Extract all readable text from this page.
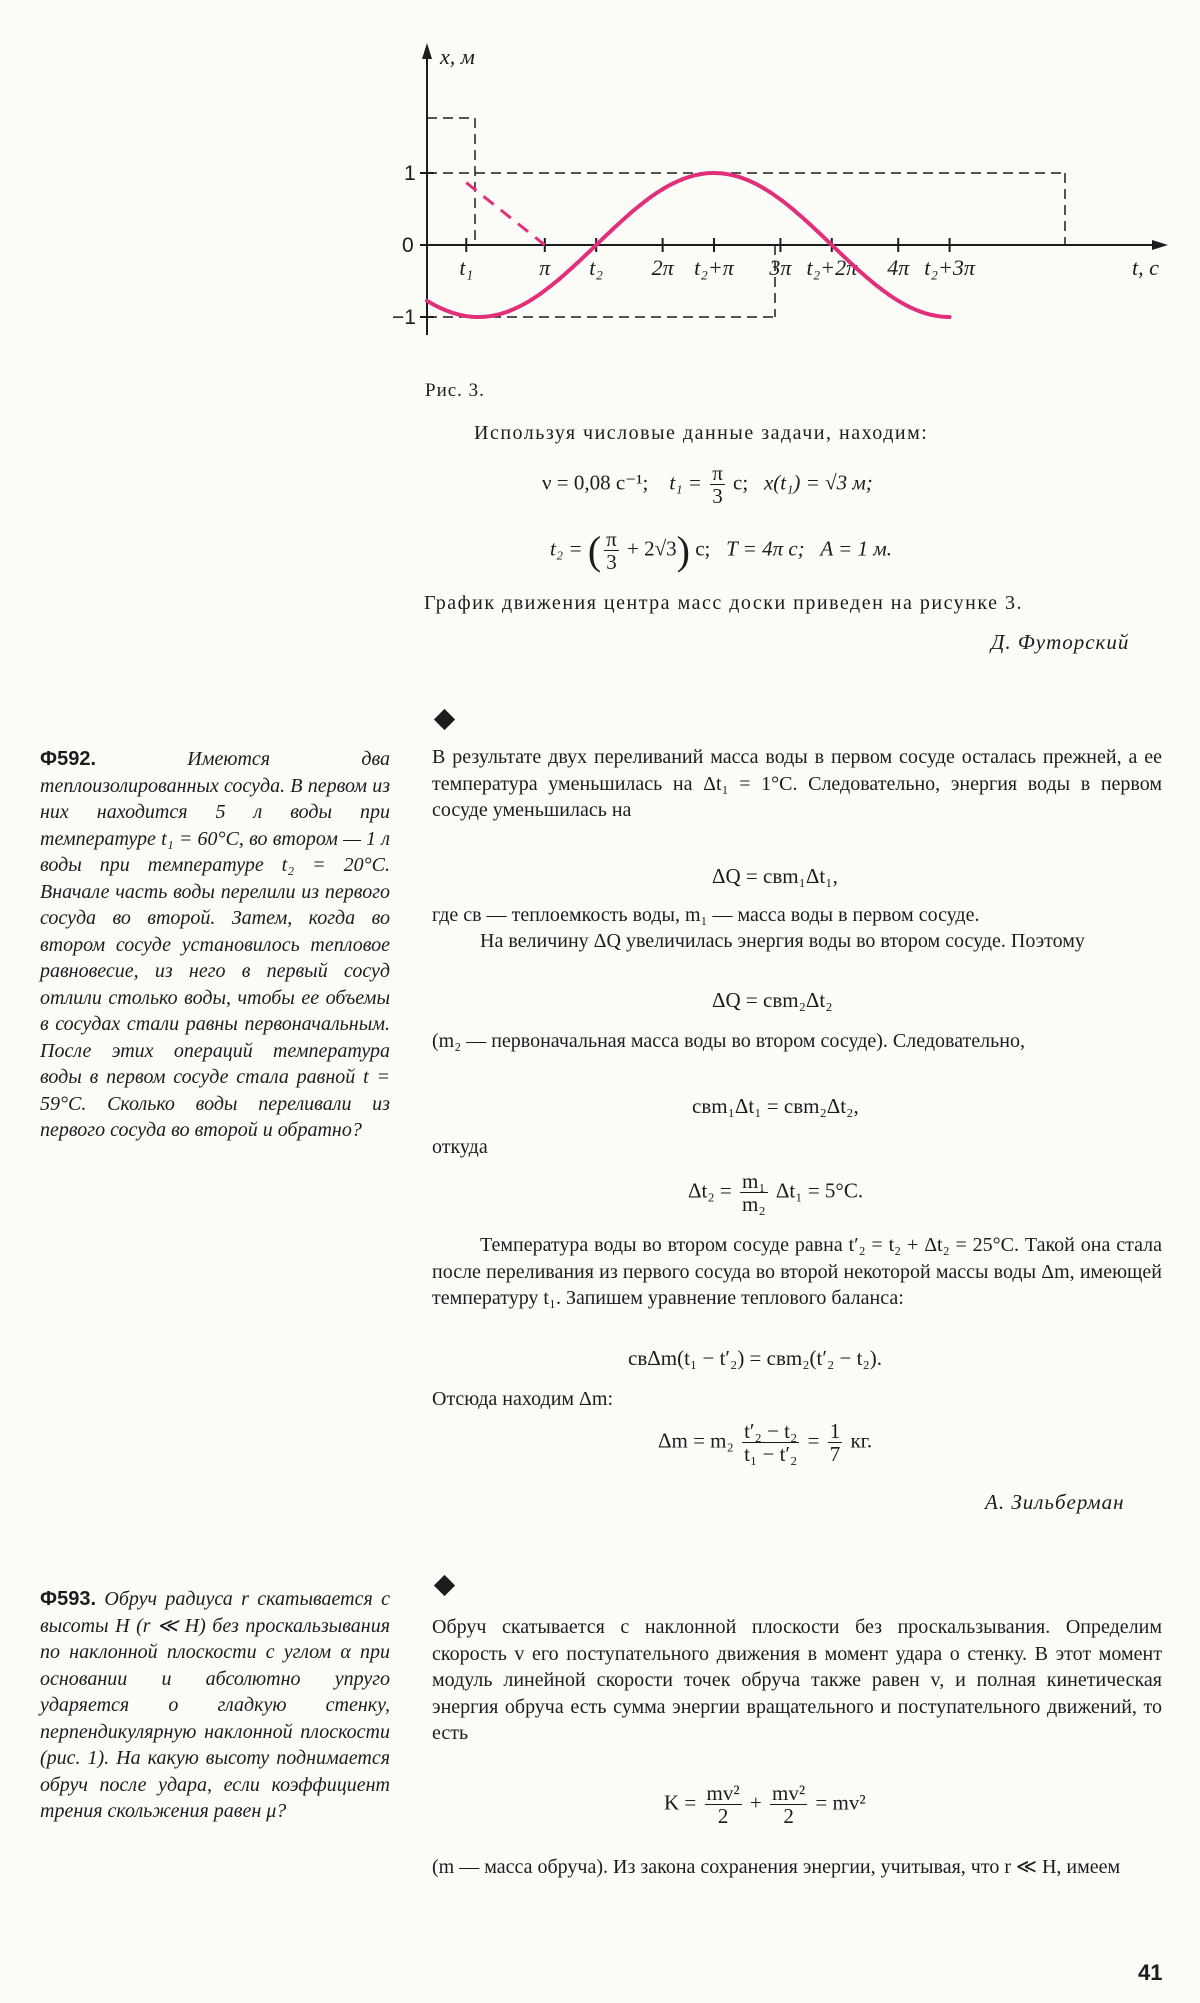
x, м
1
0
−1
t₁	π t₂ 2π t₂+π 3π t₂+2π 4π t₂+3π	t, с
Рис. 3.
Используя числовые данные задачи, находим:
ν = 0,08 с⁻¹; $t_1 = \frac{\pi}{3} с$; x(t₁) = √3 м;
t₂ = ( $\frac{\pi}{3} + 2√3$) с; T = 4π с; A = 1 м.
График движения центра масс доски приведен на рисунке 3.
Д. Футорский
Ф592.	Имеются два теплоизолированных сосуда. В первом из них находится 5 л воды при температуре t₁ = 60°С, во втором — 1 л воды при температуре t₂ = 20°С. Вначале часть воды перелили из первого сосуда во второй. Затем, когда во втором сосуде установилось тепловое равновесие, из него в первый сосуд отлили столько воды, чтобы ее объемы в сосудах стали равны первоначальным. После этих операций температура воды в первом сосуде стала равной t = 59°С. Сколько воды переливали из первого сосуда во второй и обратно?
В результате двух переливаний масса воды в первом сосуде осталась прежней, а ее температура уменьшилась на Δt₁ = 1°С. Следовательно, энергия воды в первом сосуде уменьшилась на
ΔQ = cвm₁Δt₁,
где cв — теплоемкость воды, m₁ — масса воды в первом сосуде.
На величину ΔQ увеличилась энергия воды во втором сосуде. Поэтому
ΔQ = cвm₂Δt₂
(m₂ — первоначальная масса воды во втором сосуде). Следовательно,
cвm₁Δt₁ = cвm₂Δt₂,
откуда
$\Delta t_2 = \frac{\text{m₁}}{\text{m₂}} \Delta t_1 = 5^\circ С$.
Температура воды во втором сосуде равна t′₂ = t₂ + Δt₂ = 25°С. Такой она стала после переливания из первого сосуда во второй некоторой массы воды Δm, имеющей температуру t₁. Запишем уравнение теплового баланса:
cвΔm(t₁ − t′₂) = cвm₂(t′₂ − t₂).
Отсюда находим Δm:
$\Delta m = m_2 \frac{\text{t′₂ − t₂}}{\text{t₁ − t′₂}} = \frac{1}{7}$ кг.
А. Зильберман
Ф593. Обруч радиуса r скатывается с высоты H (r ≪ H) без проскальзывания по наклонной плоскости с углом α при основании и абсолютно упруго ударяется о гладкую стенку, перпендикулярную наклонной плоскости (рис. 1). На какую высоту поднимается обруч после удара, если коэффициент трения скольжения равен μ?
Обруч скатывается с наклонной плоскости без проскальзывания. Определим скорость v его поступательного движения в момент удара о стенку. В этот момент модуль линейной скорости точек обруча также равен v, и полная кинетическая энергия обруча есть сумма энергии вращательного и поступательного движений, то есть
$K = \frac{\text{mv²}}{2} + \frac{\text{mv²}}{2} = mv^2$
(m — масса обруча). Из закона сохранения энергии, учитывая, что r ≪ H, имеем
41
